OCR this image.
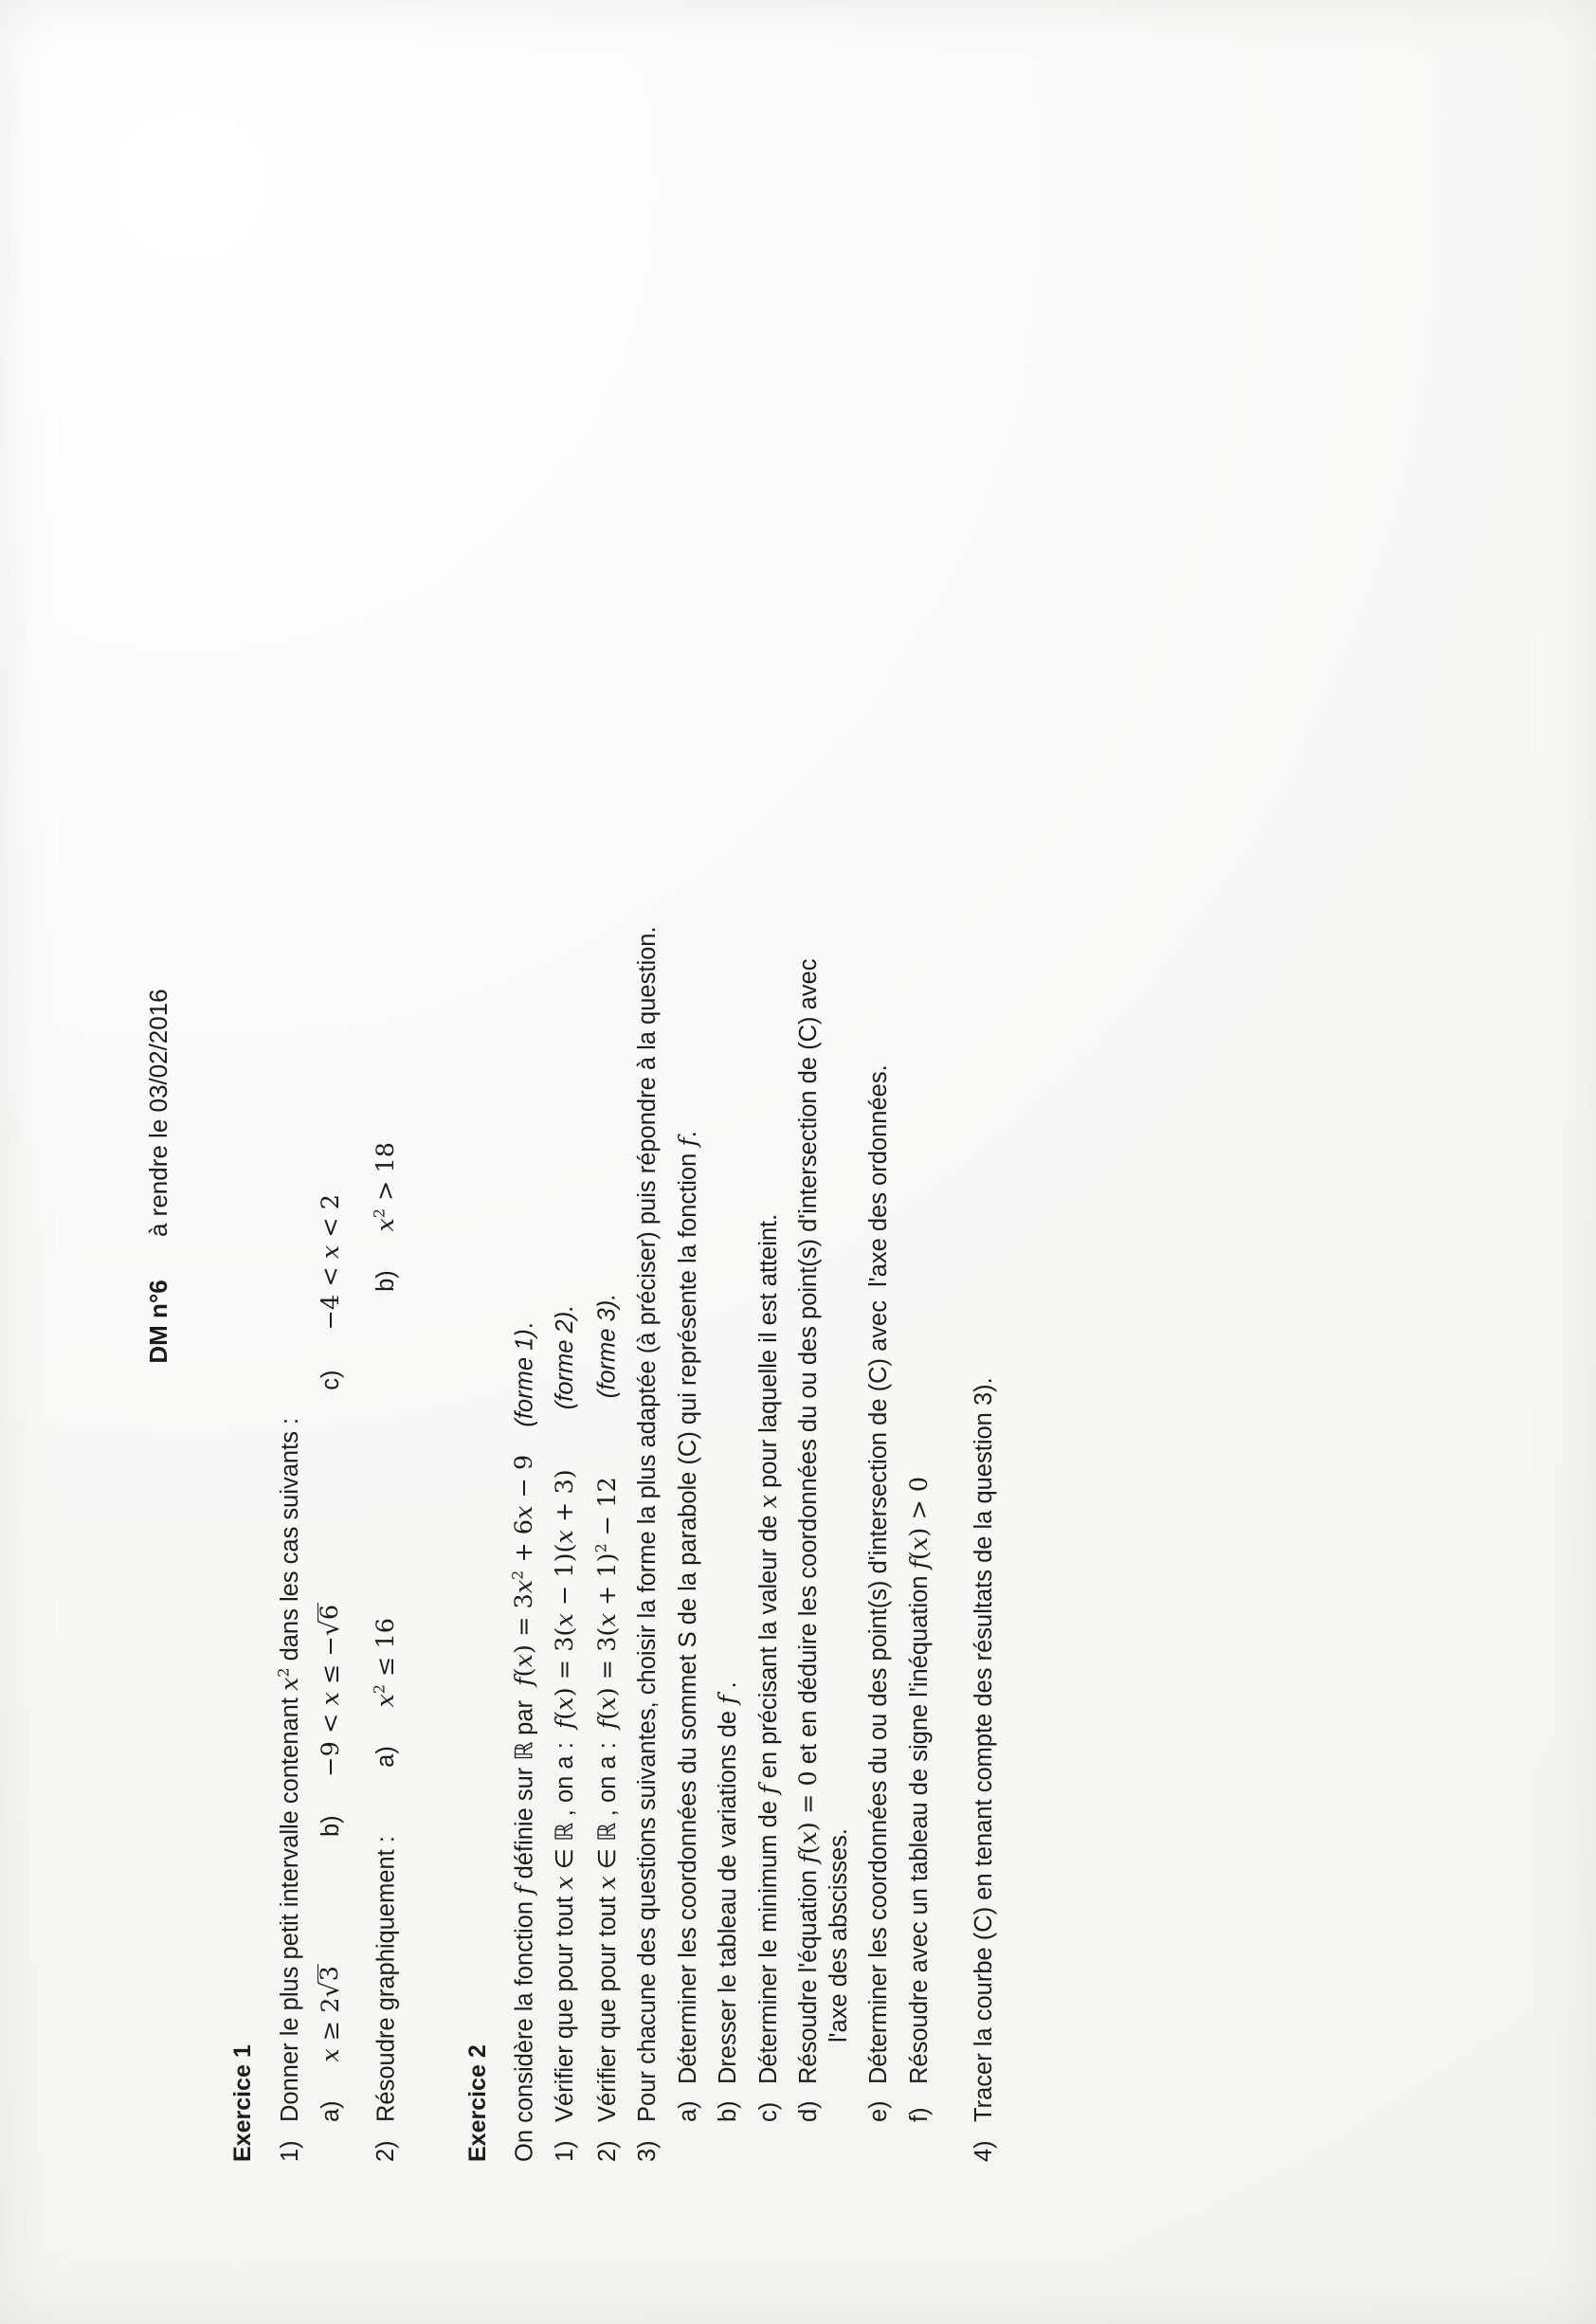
DM n°6 à rendre le 03/02/2016
Exercice 1 1)Donner le plus petit intervalle contenant $x^2$ dans les cas suivants :
a)   x ≥ 2√3  b)   −9 < x ≤ −√6  c)   −4 < x < 2
2)Résoudre graphiquement :  a)   $x^2 \le 16$  b)   $x^2 > 18$
Exercice 2 On considère la fonction f définie sur ℝ par  $f(x) = 3x^2 + 6x - 9$ (forme 1).
1)Vérifier que pour tout x ∈ ℝ , on a :  f(x) = 3(x − 1)(x + 3) (forme 2).
2)Vérifier que pour tout x ∈ ℝ , on a :  $f(x) = 3(x + 1)^2 - 12$ (forme 3).
3)Pour chacune des questions suivantes, choisir la forme la plus adaptée (à préciser) puis répondre à la question. a)Déterminer les coordonnées du sommet S de la parabole (C) qui représente la fonction f.
b)Dresser le tableau de variations de f .
c)Déterminer le minimum de f en précisant la valeur de x pour laquelle il est atteint.
d)Résoudre l'équation f(x) = 0 et en déduire les coordonnées du ou des point(s) d'intersection de (C) avec
l'axe des abscisses.
e)Déterminer les coordonnées du ou des point(s) d'intersection de (C) avec  l'axe des ordonnées.
f)Résoudre avec un tableau de signe l'inéquation f(x) > 0
4)Tracer la courbe (C) en tenant compte des résultats de la question 3).
